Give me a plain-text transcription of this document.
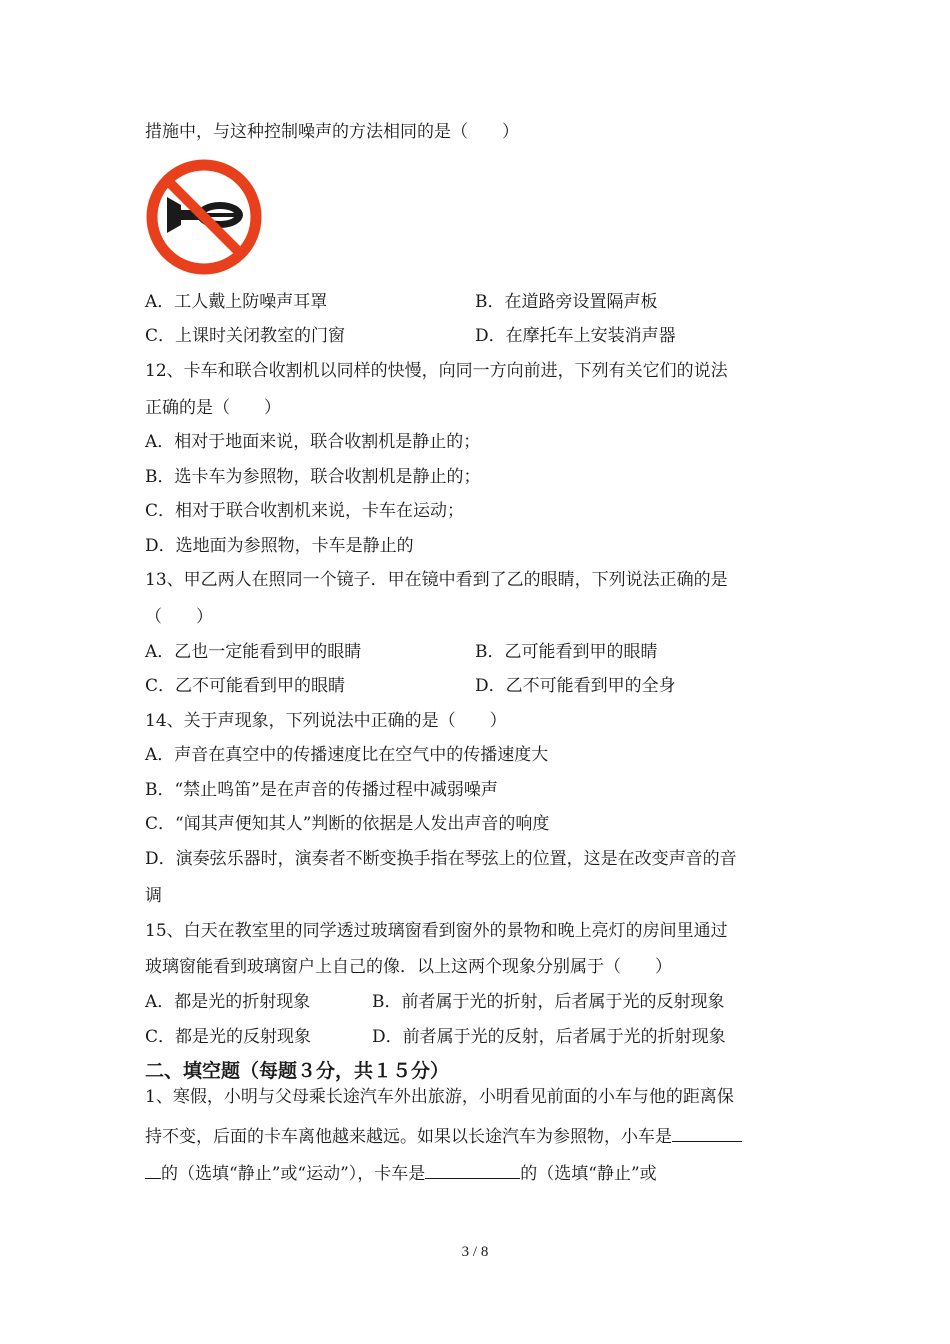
措施中，与这种控制噪声的方法相同的是（　　）
A．工人戴上防噪声耳罩	B．在道路旁设置隔声板
C．上课时关闭教室的门窗	D．在摩托车上安装消声器
12、卡车和联合收割机以同样的快慢，向同一方向前进，下列有关它们的说法
正确的是（　　）
A．相对于地面来说，联合收割机是静止的；
B．选卡车为参照物，联合收割机是静止的；
C．相对于联合收割机来说，卡车在运动；
D．选地面为参照物，卡车是静止的
13、甲乙两人在照同一个镜子．甲在镜中看到了乙的眼睛，下列说法正确的是
（　　）
A．乙也一定能看到甲的眼睛	B．乙可能看到甲的眼睛
C．乙不可能看到甲的眼睛	D．乙不可能看到甲的全身
14、关于声现象，下列说法中正确的是（　　）
A．声音在真空中的传播速度比在空气中的传播速度大
B．“禁止鸣笛”是在声音的传播过程中减弱噪声
C．“闻其声便知其人”判断的依据是人发出声音的响度
D．演奏弦乐器时，演奏者不断变换手指在琴弦上的位置，这是在改变声音的音
调
15、白天在教室里的同学透过玻璃窗看到窗外的景物和晚上亮灯的房间里通过
玻璃窗能看到玻璃窗户上自己的像．以上这两个现象分别属于（　　）
A．都是光的折射现象	B．前者属于光的折射，后者属于光的反射现象
C．都是光的反射现象	D．前者属于光的反射，后者属于光的折射现象
二、填空题（每题３分，共１５分）
1、寒假，小明与父母乘长途汽车外出旅游，小明看见前面的小车与他的距离保
持不变，后面的卡车离他越来越远。如果以长途汽车为参照物，小车是
的（选填“静止”或“运动”），卡车是	的（选填“静止”或
3 / 8
